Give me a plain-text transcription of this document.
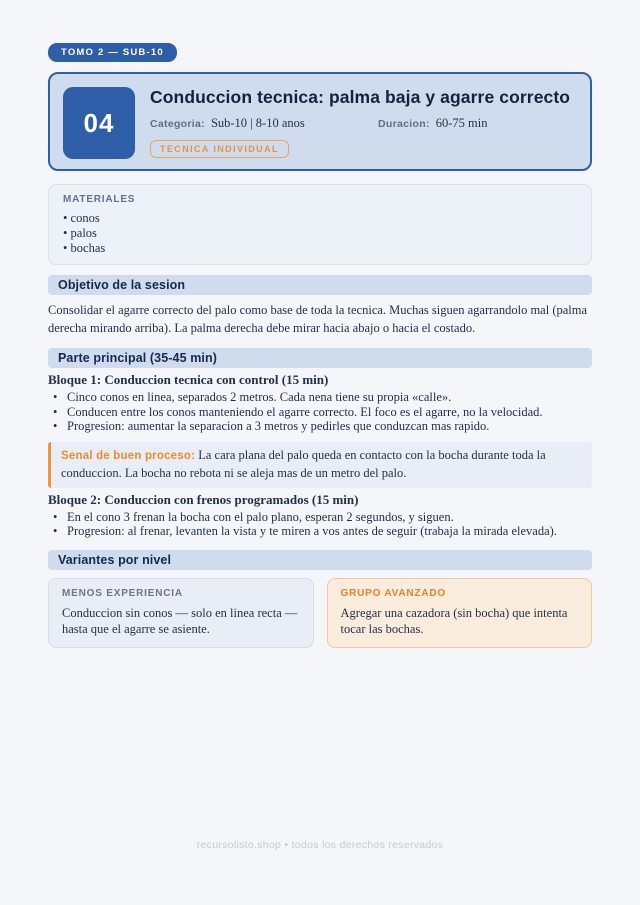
TOMO 2 — SUB-10
04
Conduccion tecnica: palma baja y agarre correcto
Categoria: Sub-10 | 8-10 anos	Duracion: 60-75 min
TECNICA INDIVIDUAL
MATERIALES
• conos
• palos
• bochas
Objetivo de la sesion

Consolidar el agarre correcto del palo como base de toda la tecnica. Muchas siguen agarrandolo mal (palma derecha mirando arriba). La palma derecha debe mirar hacia abajo o hacia el costado.

Parte principal (35-45 min)
Bloque 1: Conduccion tecnica con control (15 min)
• Cinco conos en linea, separados 2 metros. Cada nena tiene su propia «calle».
• Conducen entre los conos manteniendo el agarre correcto. El foco es el agarre, no la velocidad.
• Progresion: aumentar la separacion a 3 metros y pedirles que conduzcan mas rapido.

Senal de buen proceso: La cara plana del palo queda en contacto con la bocha durante toda la conduccion. La bocha no rebota ni se aleja mas de un metro del palo.

Bloque 2: Conduccion con frenos programados (15 min)
• En el cono 3 frenan la bocha con el palo plano, esperan 2 segundos, y siguen.
• Progresion: al frenar, levanten la vista y te miren a vos antes de seguir (trabaja la mirada elevada).
Variantes por nivel
MENOS EXPERIENCIA

Conduccion sin conos — solo en linea recta — hasta que el agarre se asiente.

GRUPO AVANZADO

Agregar una cazadora (sin bocha) que intenta tocar las bochas.

recursolisto.shop • todos los derechos reservados
